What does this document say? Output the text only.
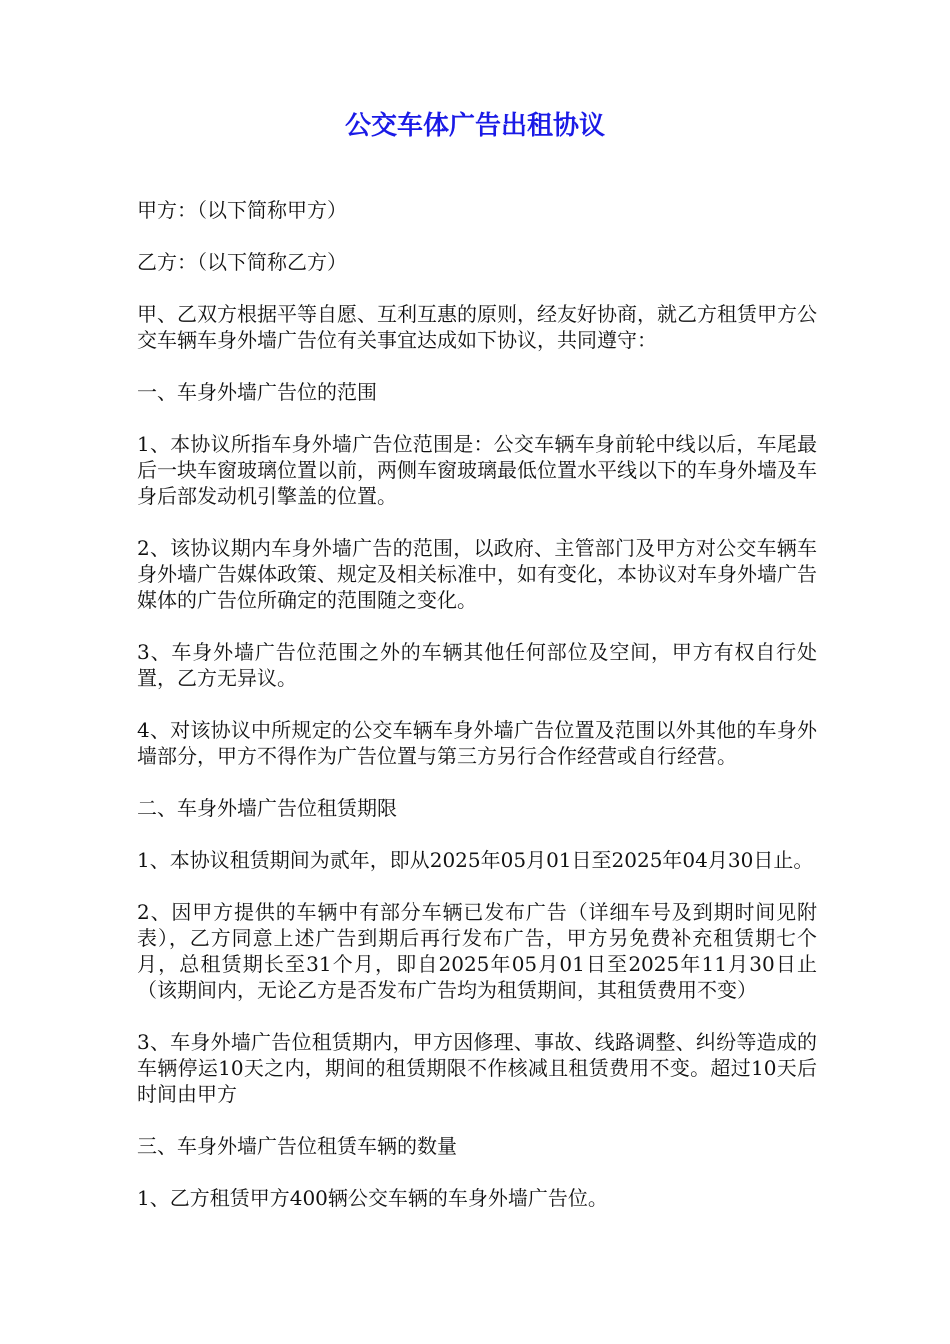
公交车体广告出租协议

甲方：（以下简称甲方）

乙方：（以下简称乙方）

甲、乙双方根据平等自愿、互利互惠的原则，经友好协商，就乙方租赁甲方公交车辆车身外墙广告位有关事宜达成如下协议，共同遵守：

一、车身外墙广告位的范围

1、本协议所指车身外墙广告位范围是：公交车辆车身前轮中线以后，车尾最后一块车窗玻璃位置以前，两侧车窗玻璃最低位置水平线以下的车身外墙及车身后部发动机引擎盖的位置。

2、该协议期内车身外墙广告的范围，以政府、主管部门及甲方对公交车辆车身外墙广告媒体政策、规定及相关标准中，如有变化，本协议对车身外墙广告媒体的广告位所确定的范围随之变化。

3、车身外墙广告位范围之外的车辆其他任何部位及空间，甲方有权自行处置，乙方无异议。

4、对该协议中所规定的公交车辆车身外墙广告位置及范围以外其他的车身外墙部分，甲方不得作为广告位置与第三方另行合作经营或自行经营。

二、车身外墙广告位租赁期限

1、本协议租赁期间为贰年，即从2025年05月01日至2025年04月30日止。

2、因甲方提供的车辆中有部分车辆已发布广告（详细车号及到期时间见附表），乙方同意上述广告到期后再行发布广告，甲方另免费补充租赁期七个月，总租赁期长至31个月，即自2025年05月01日至2025年11月30日止（该期间内，无论乙方是否发布广告均为租赁期间，其租赁费用不变）

3、车身外墙广告位租赁期内，甲方因修理、事故、线路调整、纠纷等造成的车辆停运10天之内，期间的租赁期限不作核减且租赁费用不变。超过10天后时间由甲方

三、车身外墙广告位租赁车辆的数量

1、乙方租赁甲方400辆公交车辆的车身外墙广告位。
